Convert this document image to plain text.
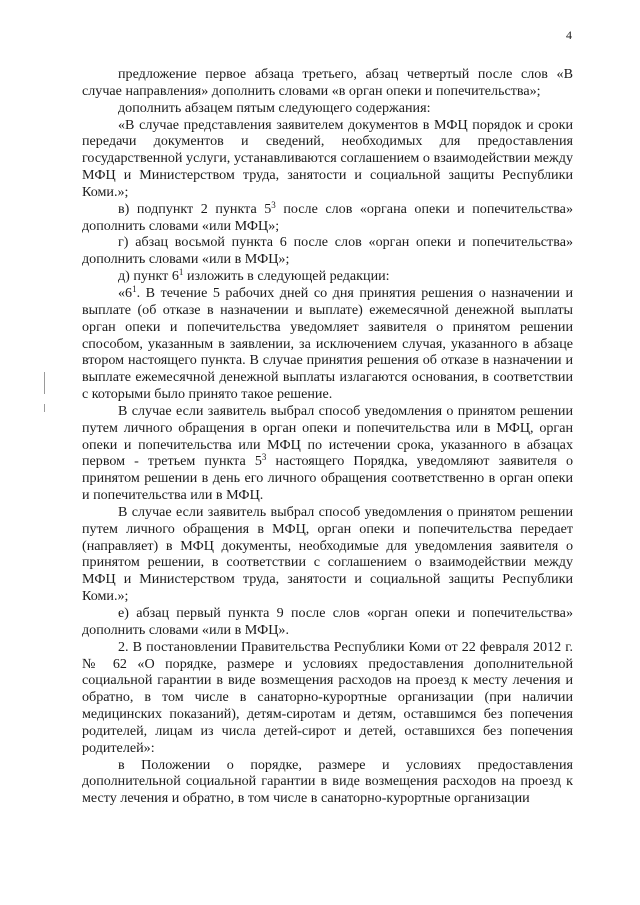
4

предложение первое абзаца третьего, абзац четвертый после слов «В случае направления» дополнить словами «в орган опеки и попечительства»;

дополнить абзацем пятым следующего содержания:

«В случае представления заявителем документов в МФЦ порядок и сроки передачи документов и сведений, необходимых для предоставления государственной услуги, устанавливаются соглашением о взаимодействии между МФЦ и Министерством труда, занятости и социальной защиты Республики Коми.»;

в) подпункт 2 пункта $5^3$ после слов «органа опеки и попечительства» дополнить словами «или МФЦ»;

г) абзац восьмой пункта 6 после слов «орган опеки и попечительства» дополнить словами «или в МФЦ»;

д) пункт $6^1$ изложить в следующей редакции:

«$6^1$. В течение 5 рабочих дней со дня принятия решения о назначении и выплате (об отказе в назначении и выплате) ежемесячной денежной выплаты орган опеки и попечительства уведомляет заявителя о принятом решении способом, указанным в заявлении, за исключением случая, указанного в абзаце втором настоящего пункта. В случае принятия решения об отказе в назначении и выплате ежемесячной денежной выплаты излагаются основания, в соответствии с которыми было принято такое решение.

В случае если заявитель выбрал способ уведомления о принятом решении путем личного обращения в орган опеки и попечительства или в МФЦ, орган опеки и попечительства или МФЦ по истечении срока, указанного в абзацах первом - третьем пункта $5^3$ настоящего Порядка, уведомляют заявителя о принятом решении в день его личного обращения соответственно в орган опеки и попечительства или в МФЦ.

В случае если заявитель выбрал способ уведомления о принятом решении путем личного обращения в МФЦ, орган опеки и попечительства передает (направляет) в МФЦ документы, необходимые для уведомления заявителя о принятом решении, в соответствии с соглашением о взаимодействии между МФЦ и Министерством труда, занятости и социальной защиты Республики Коми.»;

е) абзац первый пункта 9 после слов «орган опеки и попечительства» дополнить словами «или в МФЦ».

2. В постановлении Правительства Республики Коми от 22 февраля 2012 г. № 62 «О порядке, размере и условиях предоставления дополнительной социальной гарантии в виде возмещения расходов на проезд к месту лечения и обратно, в том числе в санаторно-курортные организации (при наличии медицинских показаний), детям-сиротам и детям, оставшимся без попечения родителей, лицам из числа детей-сирот и детей, оставшихся без попечения родителей»:

в Положении о порядке, размере и условиях предоставления дополнительной социальной гарантии в виде возмещения расходов на проезд к месту лечения и обратно, в том числе в санаторно-курортные организации
